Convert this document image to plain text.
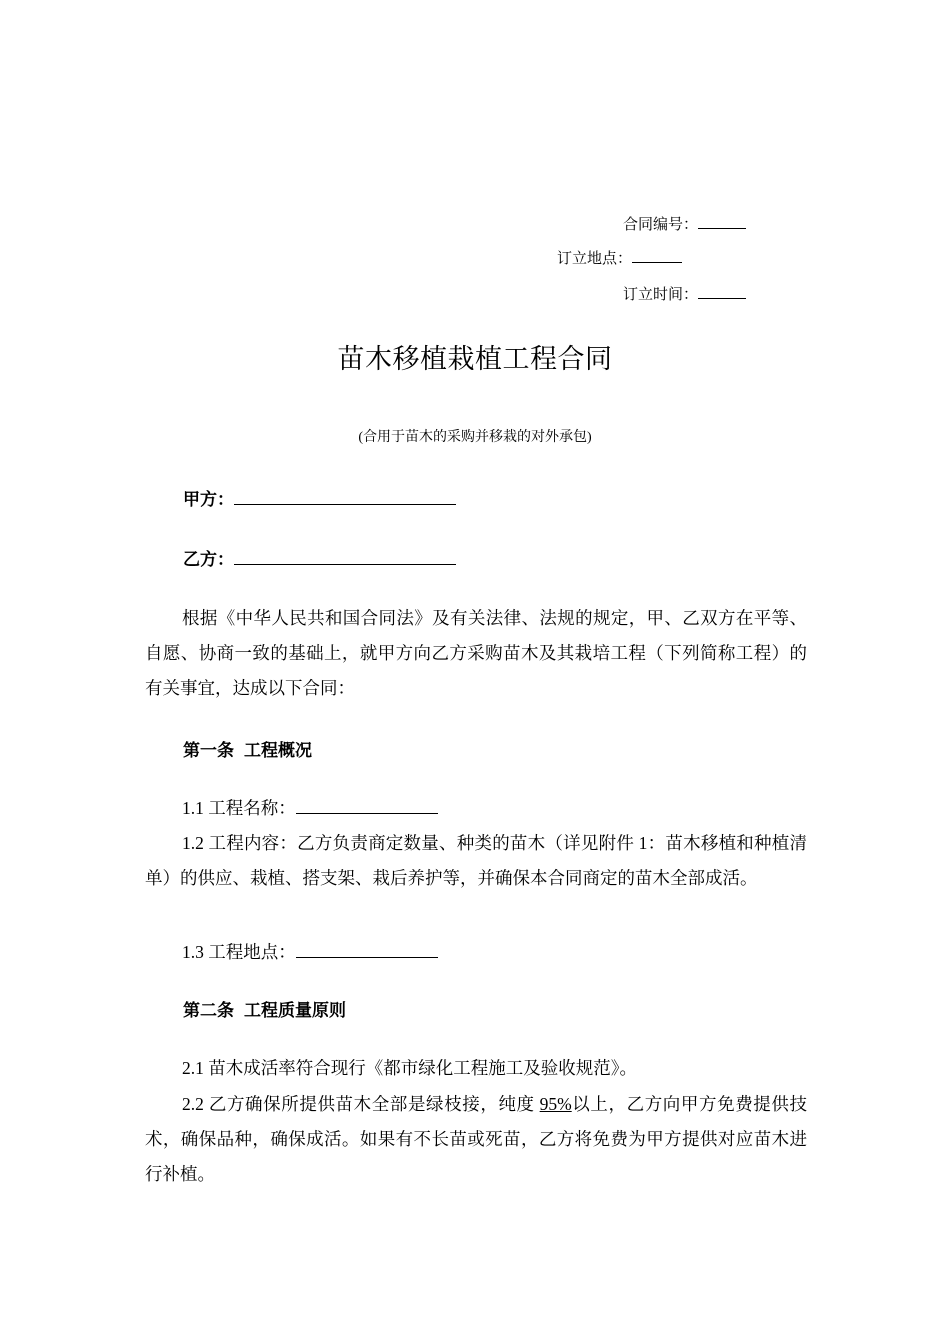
合同编号：
订立地点：
订立时间：
苗木移植栽植工程合同
(合用于苗木的采购并移栽的对外承包)
甲方：
乙方：
根据《中华人民共和国合同法》及有关法律、法规的规定，甲、乙双方在平等、自愿、协商一致的基础上，就甲方向乙方采购苗木及其栽培工程（下列简称工程）的有关事宜，达成以下合同：
第一条 工程概况
1.1 工程名称：
1.2 工程内容：乙方负责商定数量、种类的苗木（详见附件 1：苗木移植和种植清单）的供应、栽植、搭支架、栽后养护等，并确保本合同商定的苗木全部成活。
1.3 工程地点：
第二条 工程质量原则
2.1 苗木成活率符合现行《都市绿化工程施工及验收规范》。
2.2 乙方确保所提供苗木全部是绿枝接，纯度 95%以上，乙方向甲方免费提供技术，确保品种，确保成活。如果有不长苗或死苗，乙方将免费为甲方提供对应苗木进行补植。
